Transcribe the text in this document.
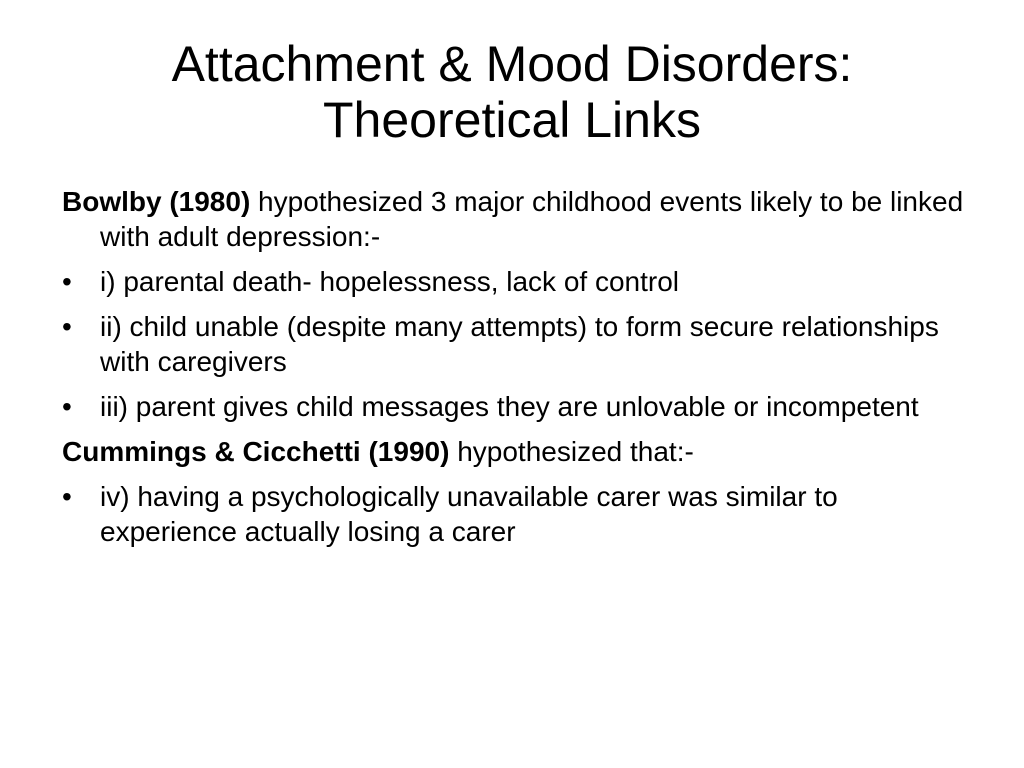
Attachment & Mood Disorders:
Theoretical Links

Bowlby (1980) hypothesized 3 major childhood events likely to be linked with adult depression:-

•	i) parental death- hopelessness, lack of control
•	ii) child unable (despite many attempts) to form secure relationships with caregivers
•	iii) parent gives child messages they are unlovable or incompetent

Cummings & Cicchetti (1990) hypothesized that:-

•	iv) having a psychologically unavailable carer was similar to experience actually losing a carer
